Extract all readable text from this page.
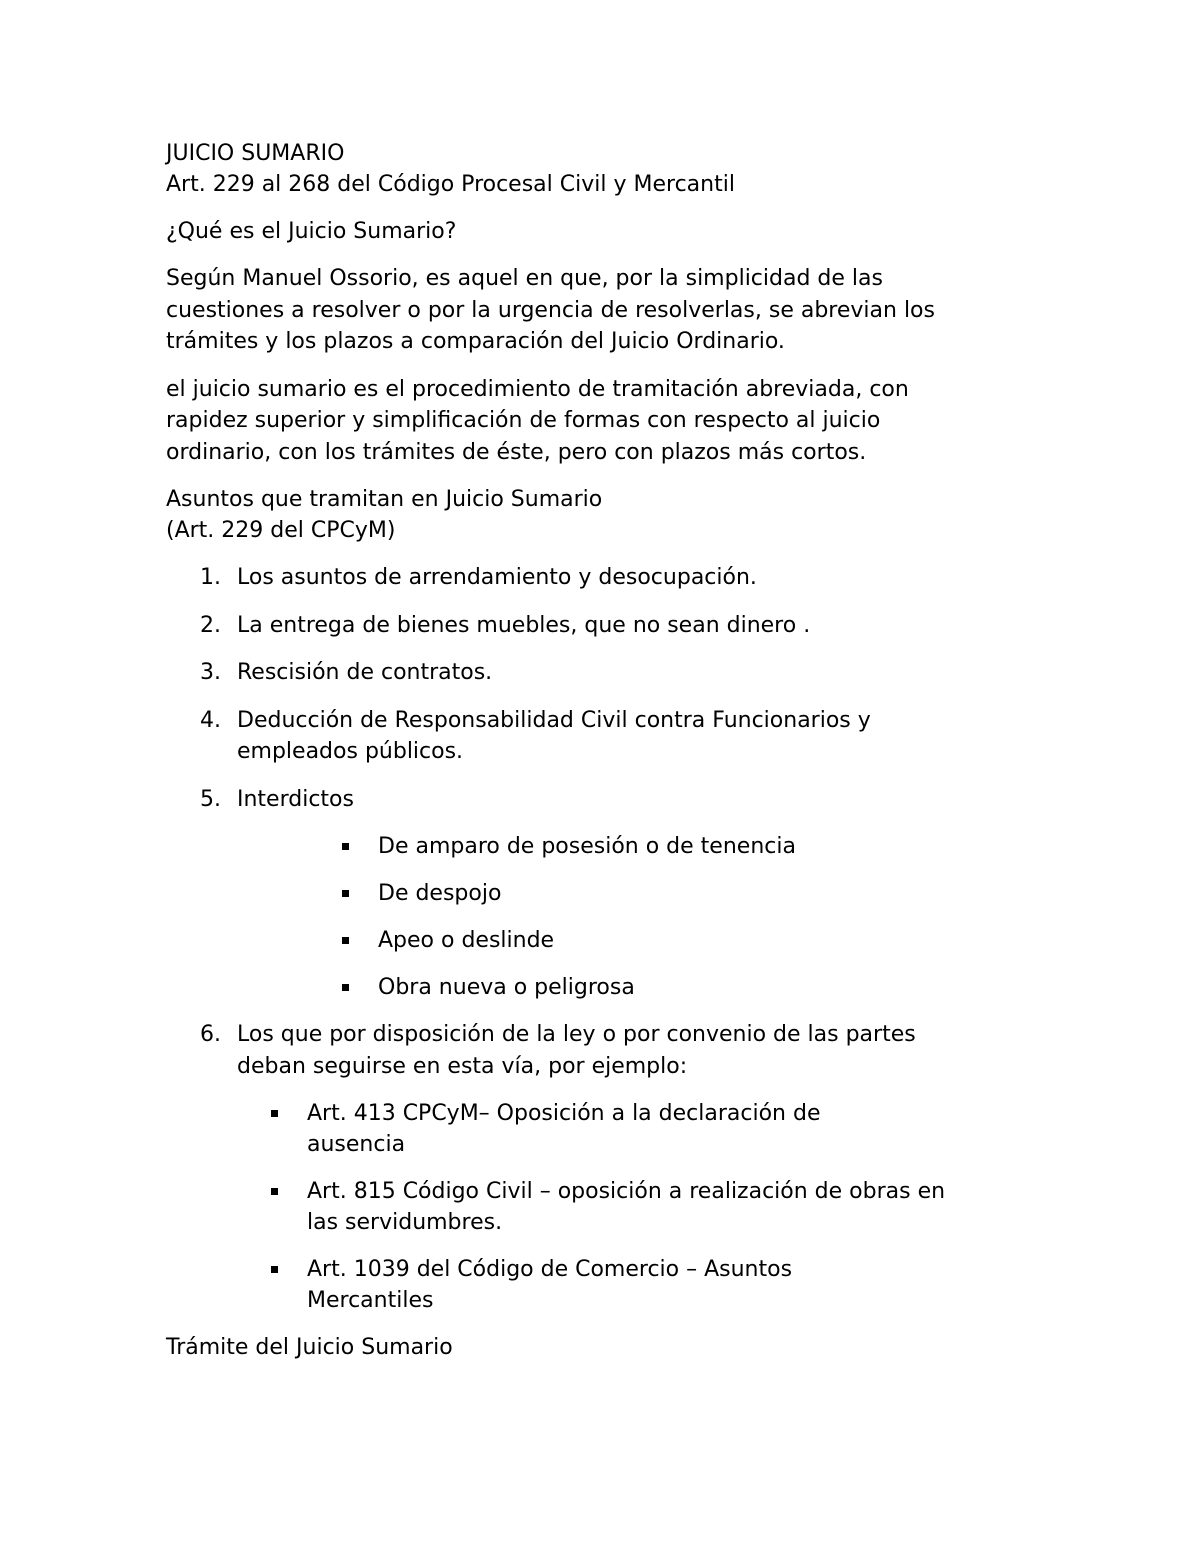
JUICIO SUMARIO
Art. 229 al 268 del Código Procesal Civil y Mercantil
¿Qué es el Juicio Sumario?
Según Manuel Ossorio, es aquel en que, por la simplicidad de las cuestiones a resolver o por la urgencia de resolverlas, se abrevian los trámites y los plazos a comparación del Juicio Ordinario.
el juicio sumario es el procedimiento de tramitación abreviada, con rapidez superior y simplificación de formas con respecto al juicio ordinario, con los trámites de éste, pero con plazos más cortos.
Asuntos que tramitan en Juicio Sumario
(Art. 229 del CPCyM)
1. Los asuntos de arrendamiento y desocupación.
2. La entrega de bienes muebles, que no sean dinero .
3. Rescisión de contratos.
4. Deducción de Responsabilidad Civil contra Funcionarios y empleados públicos.
5. Interdictos
De amparo de posesión o de tenencia
De despojo
Apeo o deslinde
Obra nueva o peligrosa
6. Los que por disposición de la ley o por convenio de las partes deban seguirse en esta vía, por ejemplo:
Art. 413 CPCyM– Oposición a la declaración de ausencia
Art. 815 Código Civil – oposición a realización de obras en las servidumbres.
Art. 1039 del Código de Comercio – Asuntos Mercantiles
Trámite del Juicio Sumario
